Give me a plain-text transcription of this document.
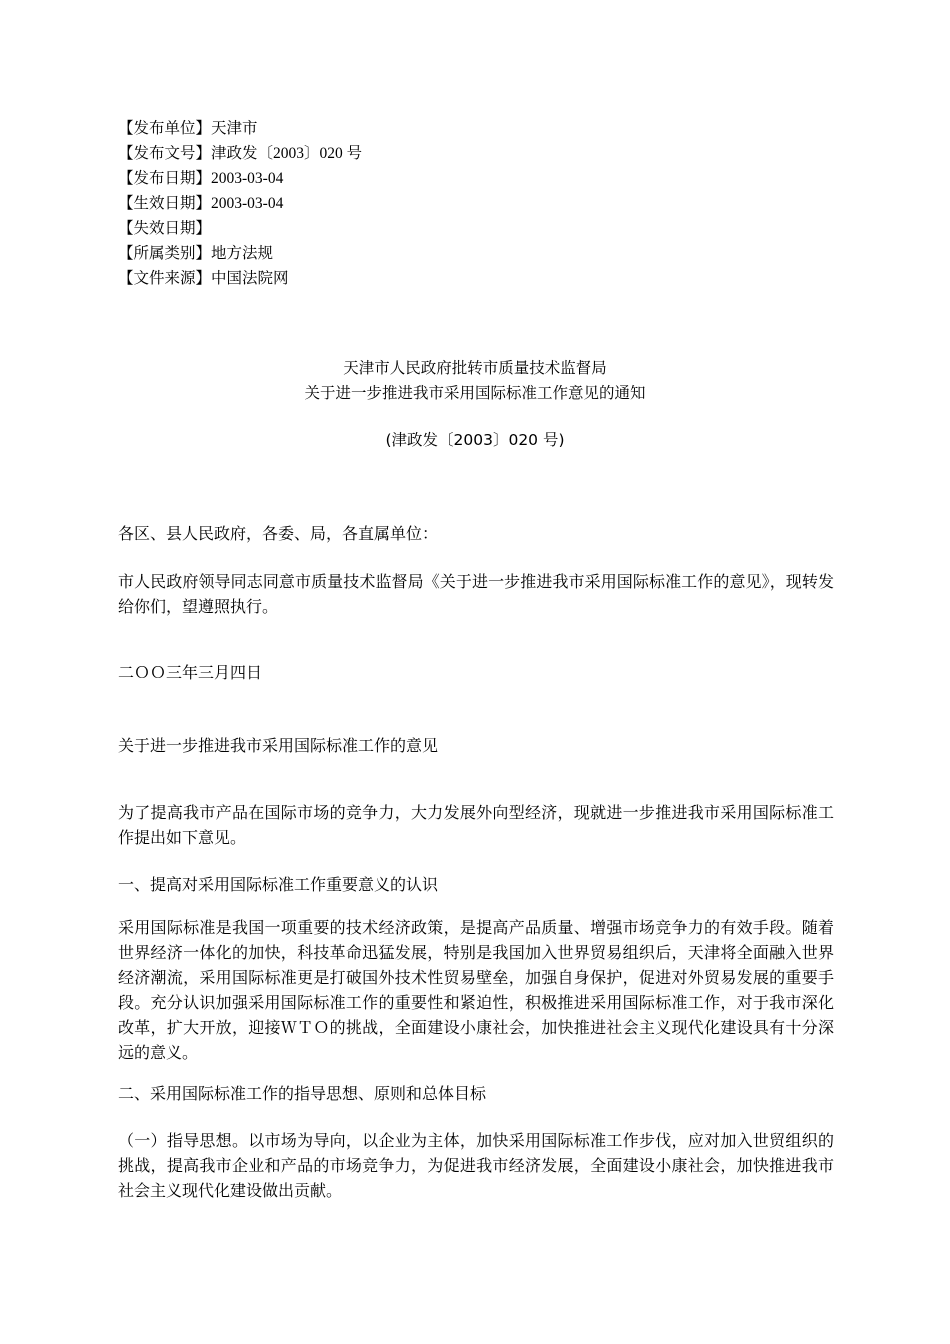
【发布单位】天津市
【发布文号】津政发〔2003〕020 号
【发布日期】2003-03-04
【生效日期】2003-03-04
【失效日期】
【所属类别】地方法规
【文件来源】中国法院网
天津市人民政府批转市质量技术监督局
关于进一步推进我市采用国际标准工作意见的通知
(津政发〔2003〕020 号)
各区、县人民政府，各委、局，各直属单位：
市人民政府领导同志同意市质量技术监督局《关于进一步推进我市采用国际标准工作的意见》，现转发给你们，望遵照执行。
二ＯＯ三年三月四日
关于进一步推进我市采用国际标准工作的意见
为了提高我市产品在国际市场的竞争力，大力发展外向型经济，现就进一步推进我市采用国际标准工作提出如下意见。
一、提高对采用国际标准工作重要意义的认识
采用国际标准是我国一项重要的技术经济政策，是提高产品质量、增强市场竞争力的有效手段。随着世界经济一体化的加快，科技革命迅猛发展，特别是我国加入世界贸易组织后，天津将全面融入世界经济潮流，采用国际标准更是打破国外技术性贸易壁垒，加强自身保护，促进对外贸易发展的重要手段。充分认识加强采用国际标准工作的重要性和紧迫性，积极推进采用国际标准工作，对于我市深化改革，扩大开放，迎接ＷＴＯ的挑战，全面建设小康社会，加快推进社会主义现代化建设具有十分深远的意义。
二、采用国际标准工作的指导思想、原则和总体目标
（一）指导思想。以市场为导向，以企业为主体，加快采用国际标准工作步伐，应对加入世贸组织的挑战，提高我市企业和产品的市场竞争力，为促进我市经济发展，全面建设小康社会，加快推进我市社会主义现代化建设做出贡献。
